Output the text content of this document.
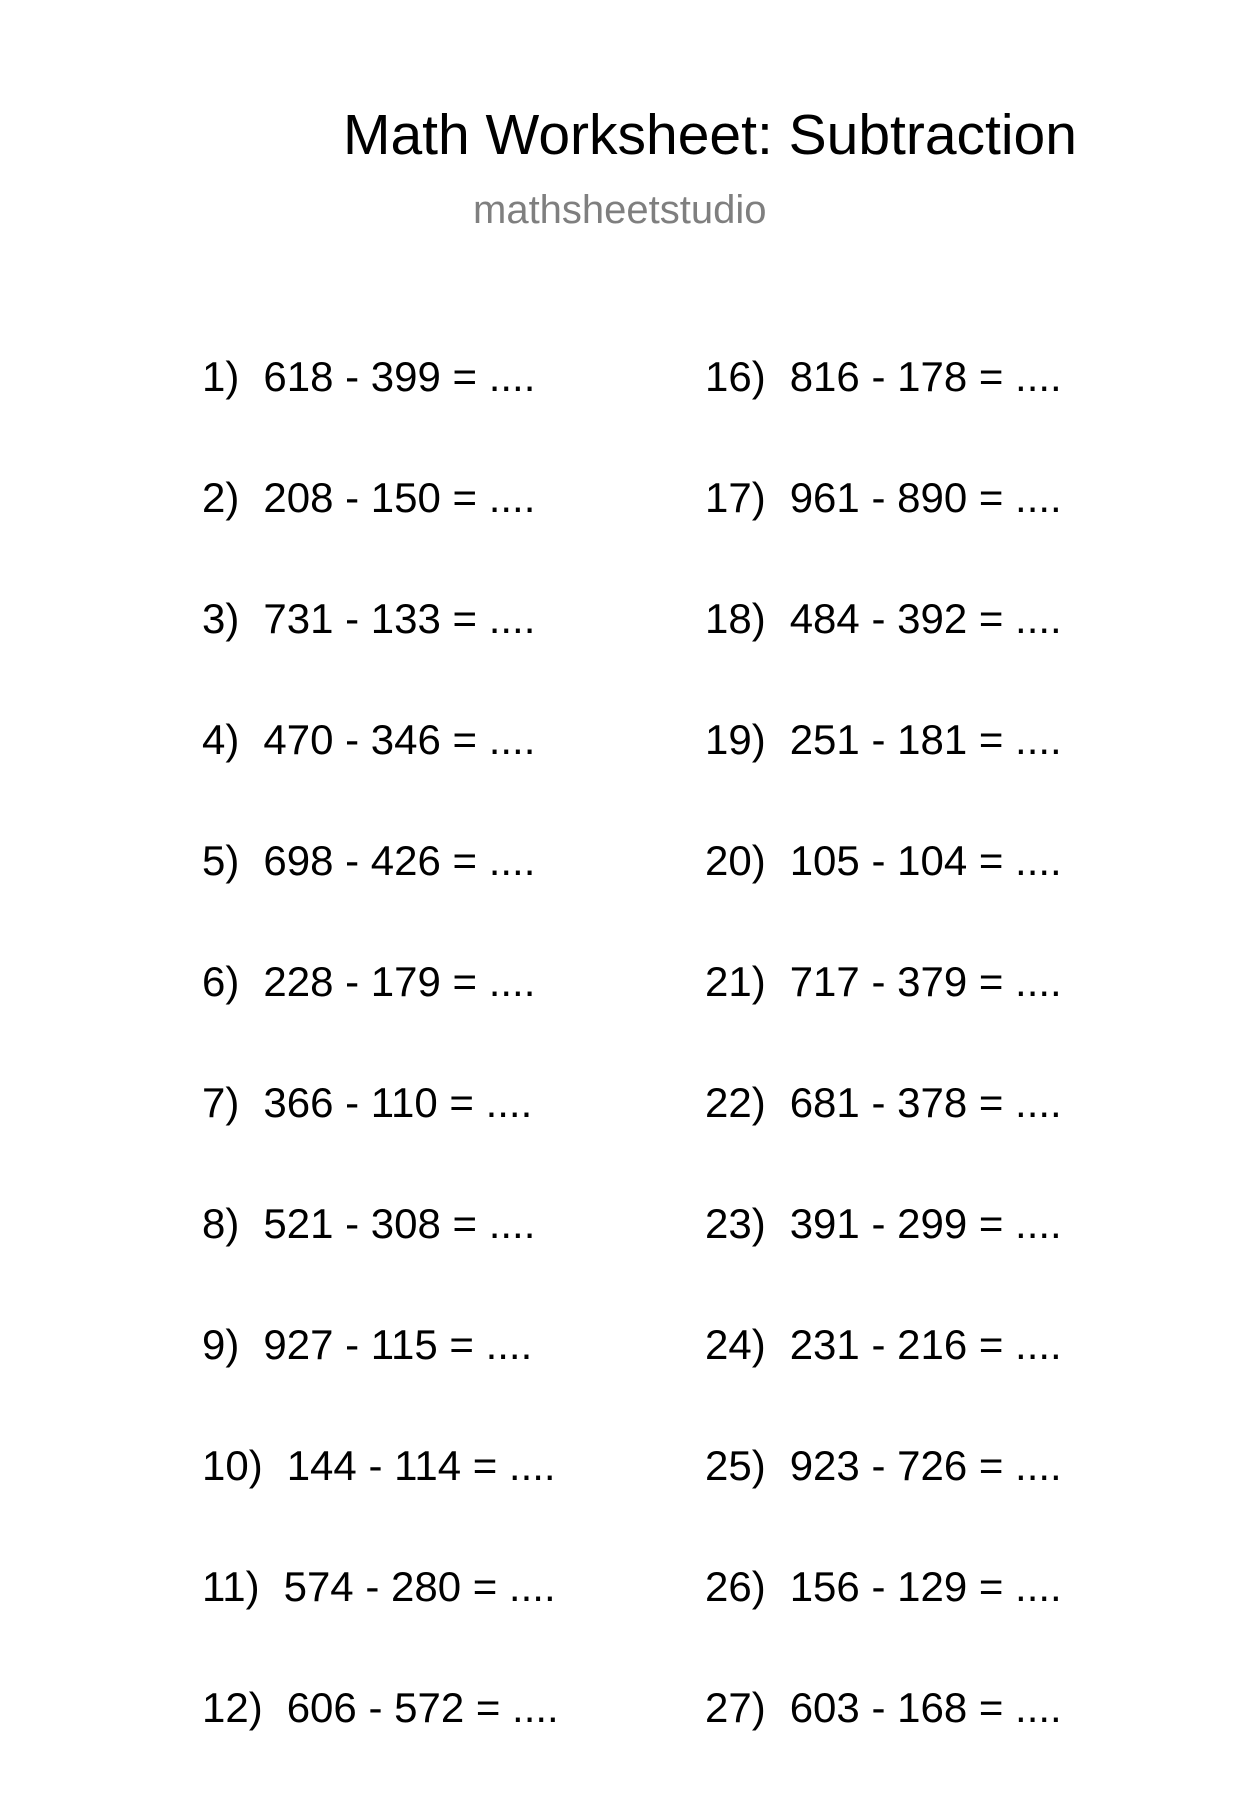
Math Worksheet: Subtraction
mathsheetstudio
1) 618 - 399 = ....
2) 208 - 150 = ....
3) 731 - 133 = ....
4) 470 - 346 = ....
5) 698 - 426 = ....
6) 228 - 179 = ....
7) 366 - 110 = ....
8) 521 - 308 = ....
9) 927 - 115 = ....
10) 144 - 114 = ....
11) 574 - 280 = ....
12) 606 - 572 = ....
16) 816 - 178 = ....
17) 961 - 890 = ....
18) 484 - 392 = ....
19) 251 - 181 = ....
20) 105 - 104 = ....
21) 717 - 379 = ....
22) 681 - 378 = ....
23) 391 - 299 = ....
24) 231 - 216 = ....
25) 923 - 726 = ....
26) 156 - 129 = ....
27) 603 - 168 = ....
